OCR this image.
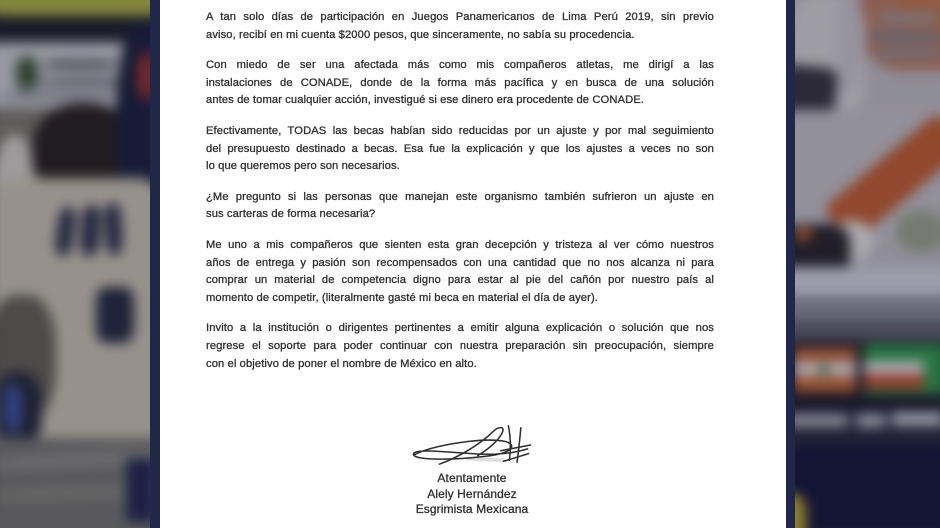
A tan solo días de participación en Juegos Panamericanos de Lima Perú 2019, sin previo
aviso, recibí en mi cuenta $2000 pesos, que sinceramente, no sabía su procedencia.

Con miedo de ser una afectada más como mis compañeros atletas, me dirigí a las
instalaciones de CONADE, donde de la forma más pacífica y en busca de una solución
antes de tomar cualquier acción, investigué si ese dinero era procedente de CONADE.

Efectivamente, TODAS las becas habían sido reducidas por un ajuste y por mal seguimiento
del presupuesto destinado a becas. Esa fue la explicación y que los ajustes a veces no son
lo que queremos pero son necesarios.

¿Me pregunto si las personas que manejan este organismo también sufrieron un ajuste en
sus carteras de forma necesaria?

Me uno a mis compañeros que sienten esta gran decepción y tristeza al ver cómo nuestros
años de entrega y pasión son recompensados con una cantidad que no nos alcanza ni para
comprar un material de competencia digno para estar al pie del cañón por nuestro país al
momento de competir, (literalmente gasté mi beca en material el día de ayer).

Invito a la institución o dirigentes pertinentes a emitir alguna explicación o solución que nos
regrese el soporte para poder continuar con nuestra preparación sin preocupación, siempre
con el objetivo de poner el nombre de México en alto.

Atentamente
Alely Hernández
Esgrimista Mexicana
